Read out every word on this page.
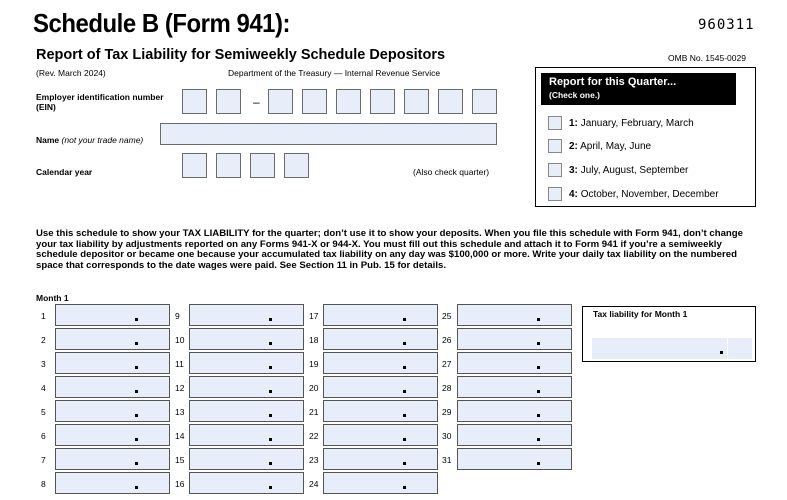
Schedule B (Form 941):	960311
Report of Tax Liability for Semiweekly Schedule Depositors	OMB No. 1545-0029
(Rev. March 2024)	Department of the Treasury — Internal Revenue Service
Employer identification number
(EIN)	–
Name (not your trade name)
Calendar year	(Also check quarter)
Report for this Quarter...
(Check one.)
1: January, February, March
2: April, May, June
3: July, August, September
4: October, November, December
Use this schedule to show your TAX LIABILITY for the quarter; don’t use it to show your deposits. When you file this schedule with Form 941, don’t change your tax liability by adjustments reported on any Forms 941-X or 944-X. You must fill out this schedule and attach it to Form 941 if you’re a semiweekly schedule depositor or became one because your accumulated tax liability on any day was $100,000 or more. Write your daily tax liability on the numbered space that corresponds to the date wages were paid. See Section 11 in Pub. 15 for details.
Month 1
1
2
3
4
5
6
7
8
9
10
11
12
13
14
15
16
17
18
19
20
21
22
23
24
25
26
27
28
29
30
31
Tax liability for Month 1
